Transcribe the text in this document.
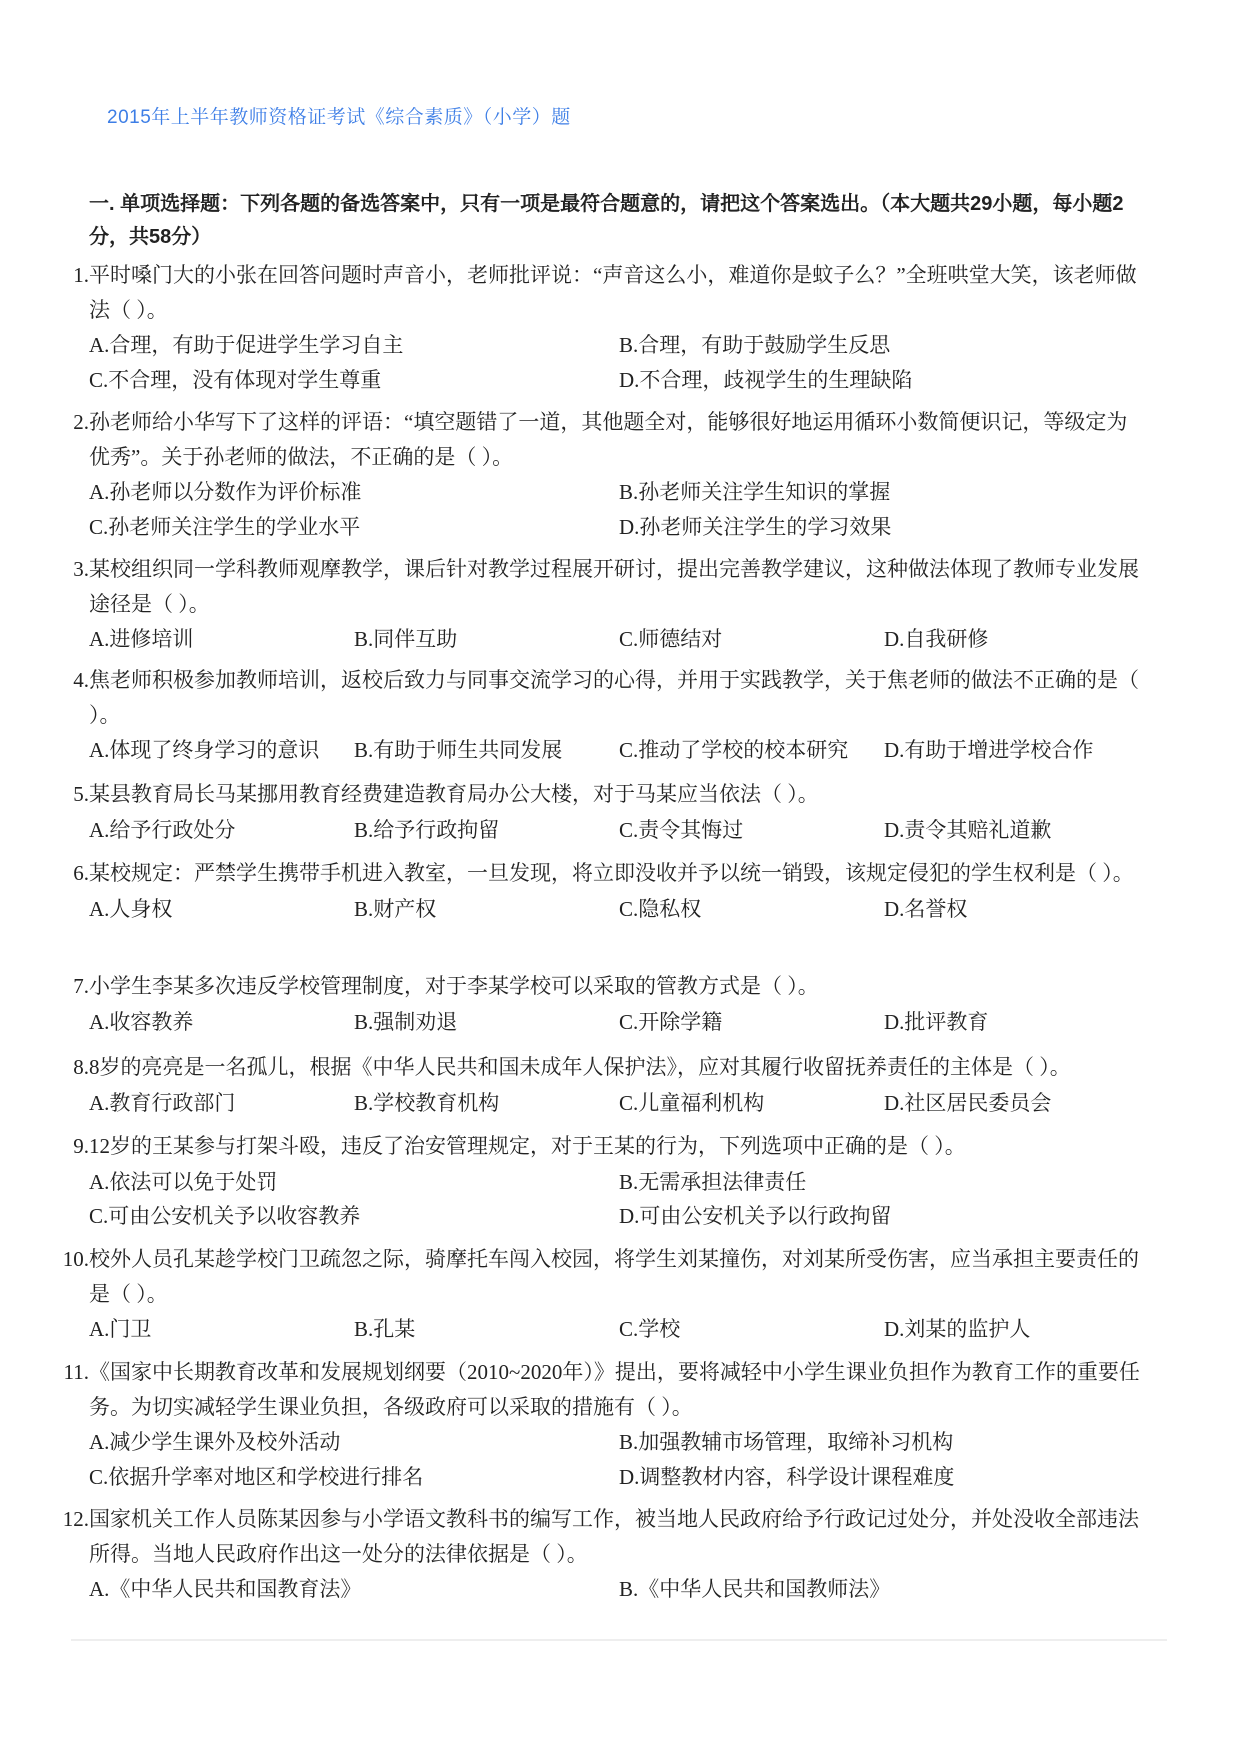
2015年上半年教师资格证考试《综合素质》（小学）题
一. 单项选择题：下列各题的备选答案中，只有一项是最符合题意的，请把这个答案选出。（本大题共29小题，每小题2分，共58分）
1. 平时嗓门大的小张在回答问题时声音小，老师批评说：“声音这么小，难道你是蚊子么？”全班哄堂大笑，该老师做法（ ）。
A.合理，有助于促进学生学习自主	B.合理，有助于鼓励学生反思
C.不合理，没有体现对学生尊重	D.不合理，歧视学生的生理缺陷
2. 孙老师给小华写下了这样的评语：“填空题错了一道，其他题全对，能够很好地运用循环小数简便识记，等级定为优秀”。关于孙老师的做法，不正确的是（ ）。
A.孙老师以分数作为评价标准	B.孙老师关注学生知识的掌握
C.孙老师关注学生的学业水平	D.孙老师关注学生的学习效果
3. 某校组织同一学科教师观摩教学，课后针对教学过程展开研讨，提出完善教学建议，这种做法体现了教师专业发展途径是（ ）。
A.进修培训	B.同伴互助	C.师德结对	D.自我研修
4. 焦老师积极参加教师培训，返校后致力与同事交流学习的心得，并用于实践教学，关于焦老师的做法不正确的是（ ）。
A.体现了终身学习的意识	B.有助于师生共同发展	C.推动了学校的校本研究	D.有助于增进学校合作
5. 某县教育局长马某挪用教育经费建造教育局办公大楼，对于马某应当依法（ ）。
A.给予行政处分	B.给予行政拘留	C.责令其悔过	D.责令其赔礼道歉
6. 某校规定：严禁学生携带手机进入教室，一旦发现，将立即没收并予以统一销毁，该规定侵犯的学生权利是（ ）。
A.人身权	B.财产权	C.隐私权	D.名誉权
7. 小学生李某多次违反学校管理制度，对于李某学校可以采取的管教方式是（ ）。
A.收容教养	B.强制劝退	C.开除学籍	D.批评教育
8. 8岁的亮亮是一名孤儿，根据《中华人民共和国未成年人保护法》，应对其履行收留抚养责任的主体是（ ）。
A.教育行政部门	B.学校教育机构	C.儿童福利机构	D.社区居民委员会
9. 12岁的王某参与打架斗殴，违反了治安管理规定，对于王某的行为，下列选项中正确的是（ ）。
A.依法可以免于处罚	B.无需承担法律责任
C.可由公安机关予以收容教养	D.可由公安机关予以行政拘留
10. 校外人员孔某趁学校门卫疏忽之际，骑摩托车闯入校园，将学生刘某撞伤，对刘某所受伤害，应当承担主要责任的是（ ）。
A.门卫	B.孔某	C.学校	D.刘某的监护人
11. 《国家中长期教育改革和发展规划纲要（2010~2020年）》提出，要将减轻中小学生课业负担作为教育工作的重要任务。为切实减轻学生课业负担，各级政府可以采取的措施有（ ）。
A.减少学生课外及校外活动	B.加强教辅市场管理，取缔补习机构
C.依据升学率对地区和学校进行排名	D.调整教材内容，科学设计课程难度
12. 国家机关工作人员陈某因参与小学语文教科书的编写工作，被当地人民政府给予行政记过处分，并处没收全部违法所得。当地人民政府作出这一处分的法律依据是（ ）。
A.《中华人民共和国教育法》	B.《中华人民共和国教师法》
